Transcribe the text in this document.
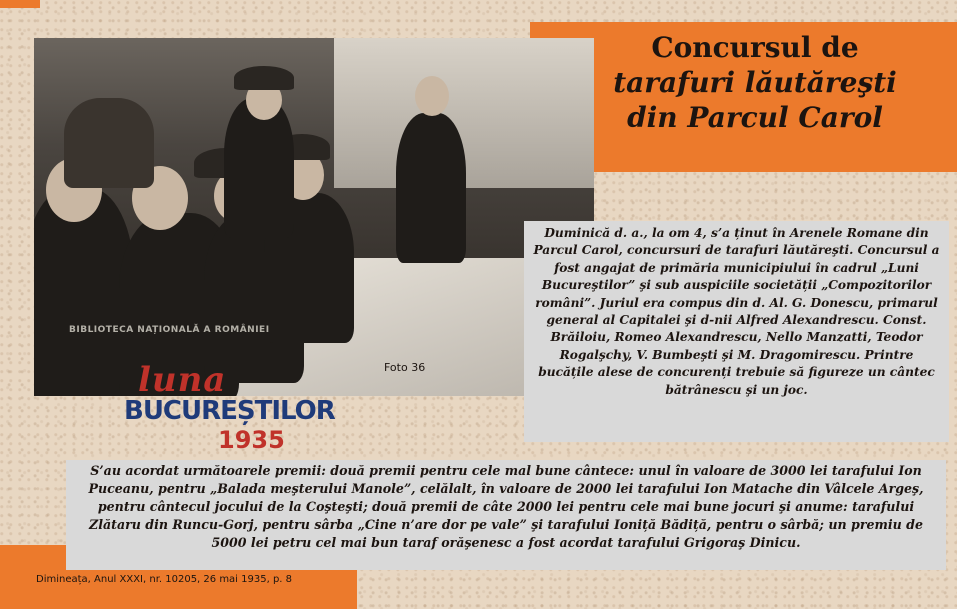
Concursul de
tarafuri lăutăreşti
din Parcul Carol
BIBLIOTECA NAȚIONALĂ A ROMÂNIEI
Foto 36
luna
BUCUREȘTILOR
1935
Duminică d. a., la om 4, s’a ținut în Arenele Romane din Parcul Carol, concursuri de tarafuri lăutăreşti. Concursul a fost angajat de primăria municipiului în cadrul „Luni Bucureştilor” şi sub auspiciile societății „Compozitorilor români”. Juriul era compus din d. Al. G. Donescu, primarul general al Capitalei şi d-nii Alfred Alexandrescu. Const. Brăiloiu, Romeo Alexandrescu, Nello Manzatti, Teodor Rogalşchy, V. Bumbeşti şi M. Dragomirescu. Printre bucățile alese de concurenți trebuie să figureze un cântec bătrânescu şi un joc.
S’au acordat următoarele premii: două premii pentru cele mal bune cântece: unul în valoare de 3000 lei tarafului Ion Puceanu, pentru „Balada meşterului Manole”, celălalt, în valoare de 2000 lei tarafului Ion Matache din Vâlcele Argeş, pentru cântecul jocului de la Coşteşti; două premii de câte 2000 lei pentru cele mai bune jocuri şi anume: tarafului Zlătaru din Runcu-Gorj, pentru sârba „Cine n’are dor pe vale” şi tarafului Ioniță Bădiță, pentru o sârbă; un premiu de 5000 lei petru cel mai bun taraf orăşenesc a fost acordat tarafului Grigoraş Dinicu.
Dimineața, Anul XXXI, nr. 10205, 26 mai 1935, p. 8
